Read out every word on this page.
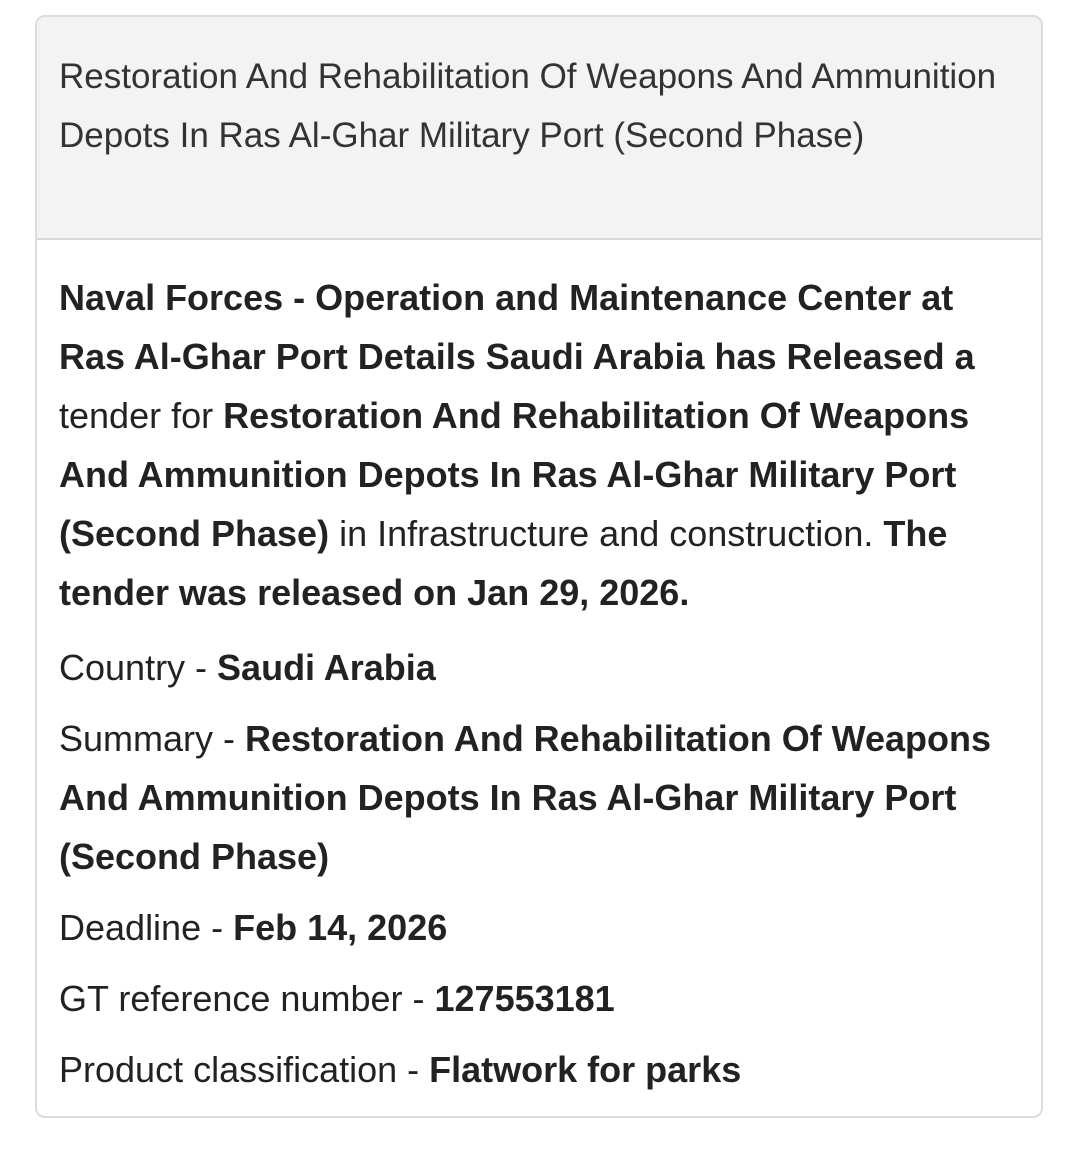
Restoration And Rehabilitation Of Weapons And Ammunition Depots In Ras Al-Ghar Military Port (Second Phase)

Naval Forces - Operation and Maintenance Center at Ras Al-Ghar Port Details Saudi Arabia has Released a tender for Restoration And Rehabilitation Of Weapons And Ammunition Depots In Ras Al-Ghar Military Port (Second Phase) in Infrastructure and construction. The tender was released on Jan 29, 2026.

Country - Saudi Arabia
Summary - Restoration And Rehabilitation Of Weapons And Ammunition Depots In Ras Al-Ghar Military Port (Second Phase)
Deadline - Feb 14, 2026
GT reference number - 127553181
Product classification - Flatwork for parks
